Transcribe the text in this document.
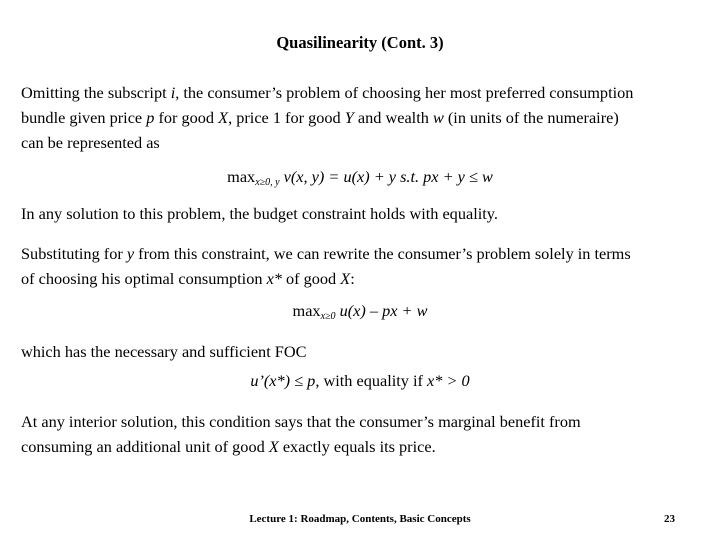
Quasilinearity (Cont. 3)

Omitting the subscript i, the consumer’s problem of choosing her most preferred consumption
bundle given price p for good X, price 1 for good Y and wealth w (in units of the numeraire)
can be represented as

$\max_{x\ge 0, y} v(x$, y) = u(x) + y s.t. px + y ≤ w

In any solution to this problem, the budget constraint holds with equality.

Substituting for y from this constraint, we can rewrite the consumer’s problem solely in terms
of choosing his optimal consumption x* of good X:

$\max_{x\ge 0} u(x)$ – px + w

which has the necessary and sufficient FOC

u’(x*) ≤ p, with equality if x* > 0

At any interior solution, this condition says that the consumer’s marginal benefit from
consuming an additional unit of good X exactly equals its price.

Lecture 1: Roadmap, Contents, Basic Concepts	23
